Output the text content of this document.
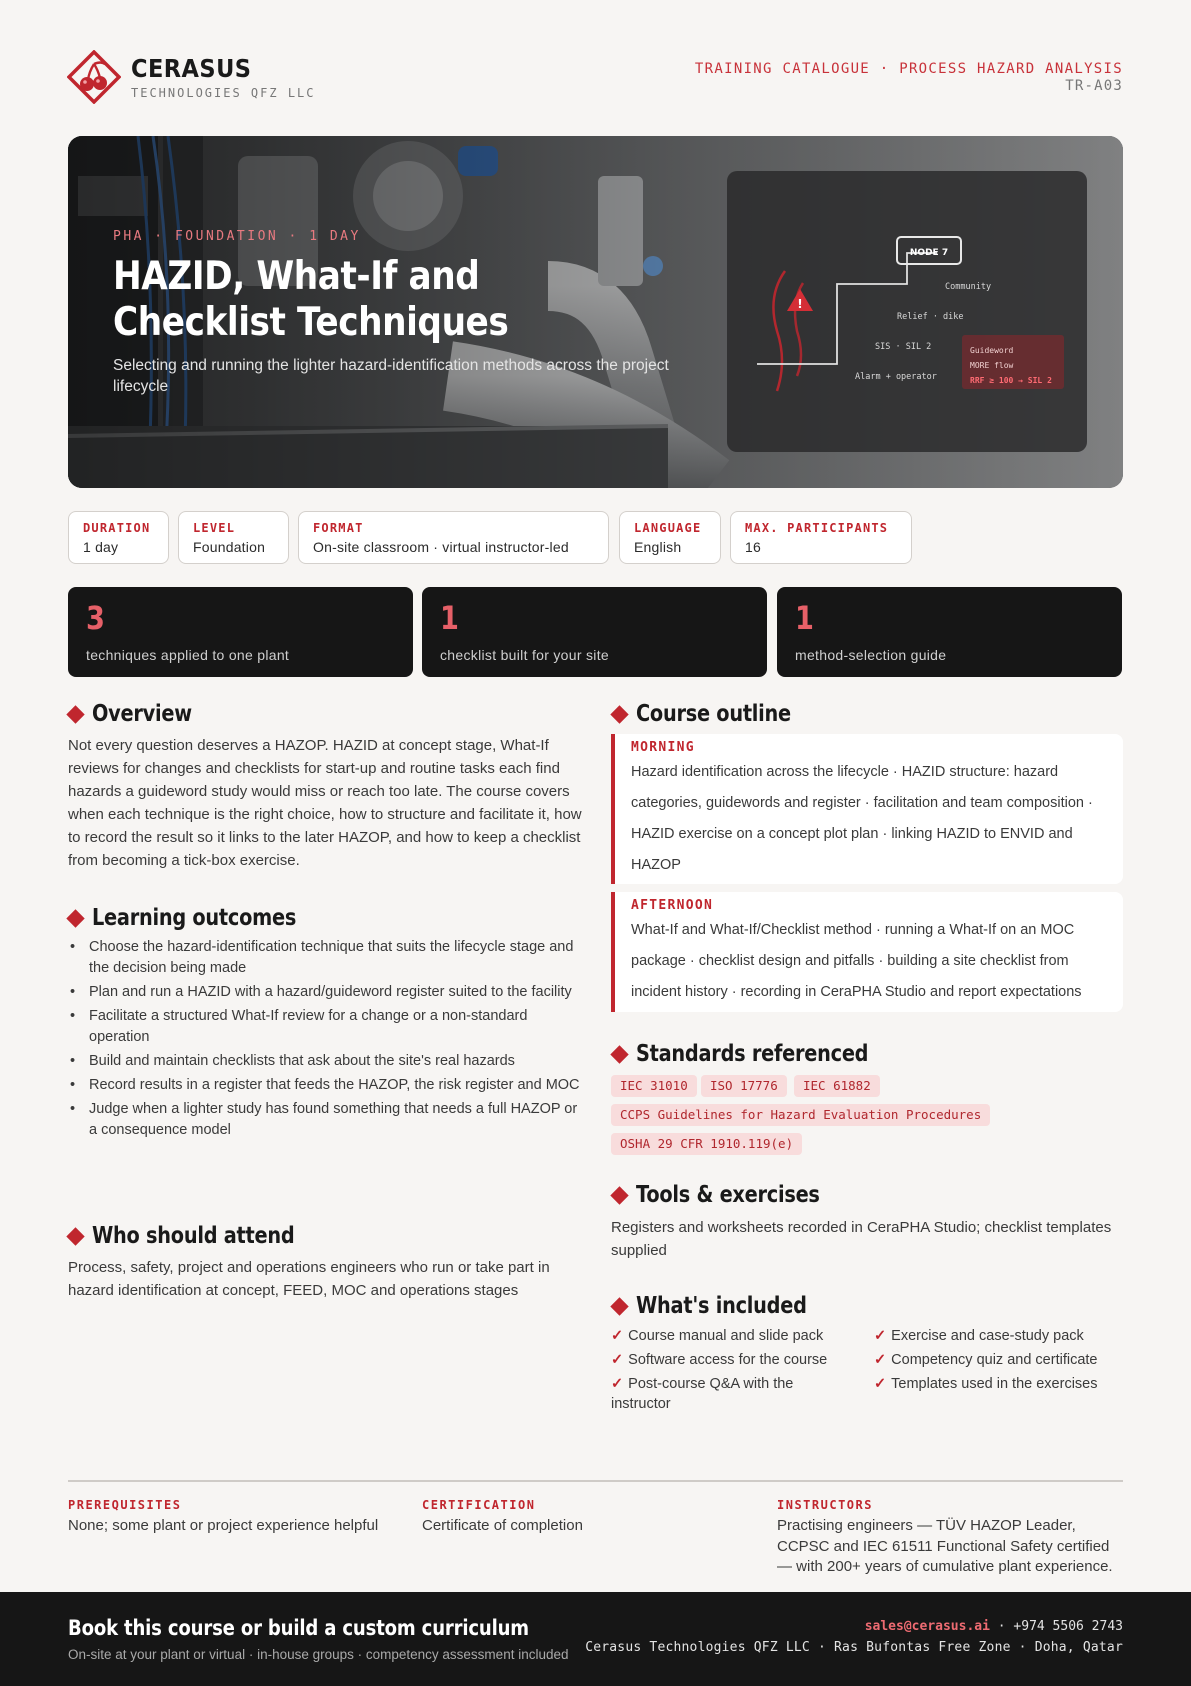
CERASUS
TECHNOLOGIES QFZ LLC
TRAINING CATALOGUE · PROCESS HAZARD ANALYSIS
TR-A03
PHA · FOUNDATION · 1 DAY
HAZID, What-If and Checklist Techniques
Selecting and running the lighter hazard-identification methods across the project lifecycle
!
NODE 7
Community
Relief · dike
SIS · SIL 2
Alarm + operator
Guideword
MORE flow
RRF ≥ 100 → SIL 2
DURATION
1 day
LEVEL
Foundation
FORMAT
On-site classroom · virtual instructor-led
LANGUAGE
English
MAX. PARTICIPANTS
16
3
techniques applied to one plant
1
checklist built for your site
1
method-selection guide
Overview
Not every question deserves a HAZOP. HAZID at concept stage, What-If reviews for changes and checklists for start-up and routine tasks each find hazards a guideword study would miss or reach too late. The course covers when each technique is the right choice, how to structure and facilitate it, how to record the result so it links to the later HAZOP, and how to keep a checklist from becoming a tick-box exercise.
Learning outcomes
• Choose the hazard-identification technique that suits the lifecycle stage and the decision being made
• Plan and run a HAZID with a hazard/guideword register suited to the facility
• Facilitate a structured What-If review for a change or a non-standard operation
• Build and maintain checklists that ask about the site's real hazards
• Record results in a register that feeds the HAZOP, the risk register and MOC
• Judge when a lighter study has found something that needs a full HAZOP or a consequence model
Who should attend
Process, safety, project and operations engineers who run or take part in hazard identification at concept, FEED, MOC and operations stages
Course outline
MORNING
Hazard identification across the lifecycle · HAZID structure: hazard categories, guidewords and register · facilitation and team composition · HAZID exercise on a concept plot plan · linking HAZID to ENVID and HAZOP
AFTERNOON
What-If and What-If/Checklist method · running a What-If on an MOC package · checklist design and pitfalls · building a site checklist from incident history · recording in CeraPHA Studio and report expectations
Standards referenced
IEC 31010	ISO 17776	IEC 61882
CCPS Guidelines for Hazard Evaluation Procedures
OSHA 29 CFR 1910.119(e)
Tools & exercises
Registers and worksheets recorded in CeraPHA Studio; checklist templates supplied
What's included
✓ Course manual and slide pack	✓ Exercise and case-study pack
✓ Software access for the course	✓ Competency quiz and certificate
✓ Post-course Q&A with the instructor
✓ Templates used in the exercises
PREREQUISITES
None; some plant or project experience helpful
CERTIFICATION
Certificate of completion
INSTRUCTORS
Practising engineers — TÜV HAZOP Leader, CCPSC and IEC 61511 Functional Safety certified — with 200+ years of cumulative plant experience.
Book this course or build a custom curriculum
On-site at your plant or virtual · in-house groups · competency assessment included
sales@cerasus.ai · +974 5506 2743
Cerasus Technologies QFZ LLC · Ras Bufontas Free Zone · Doha, Qatar
